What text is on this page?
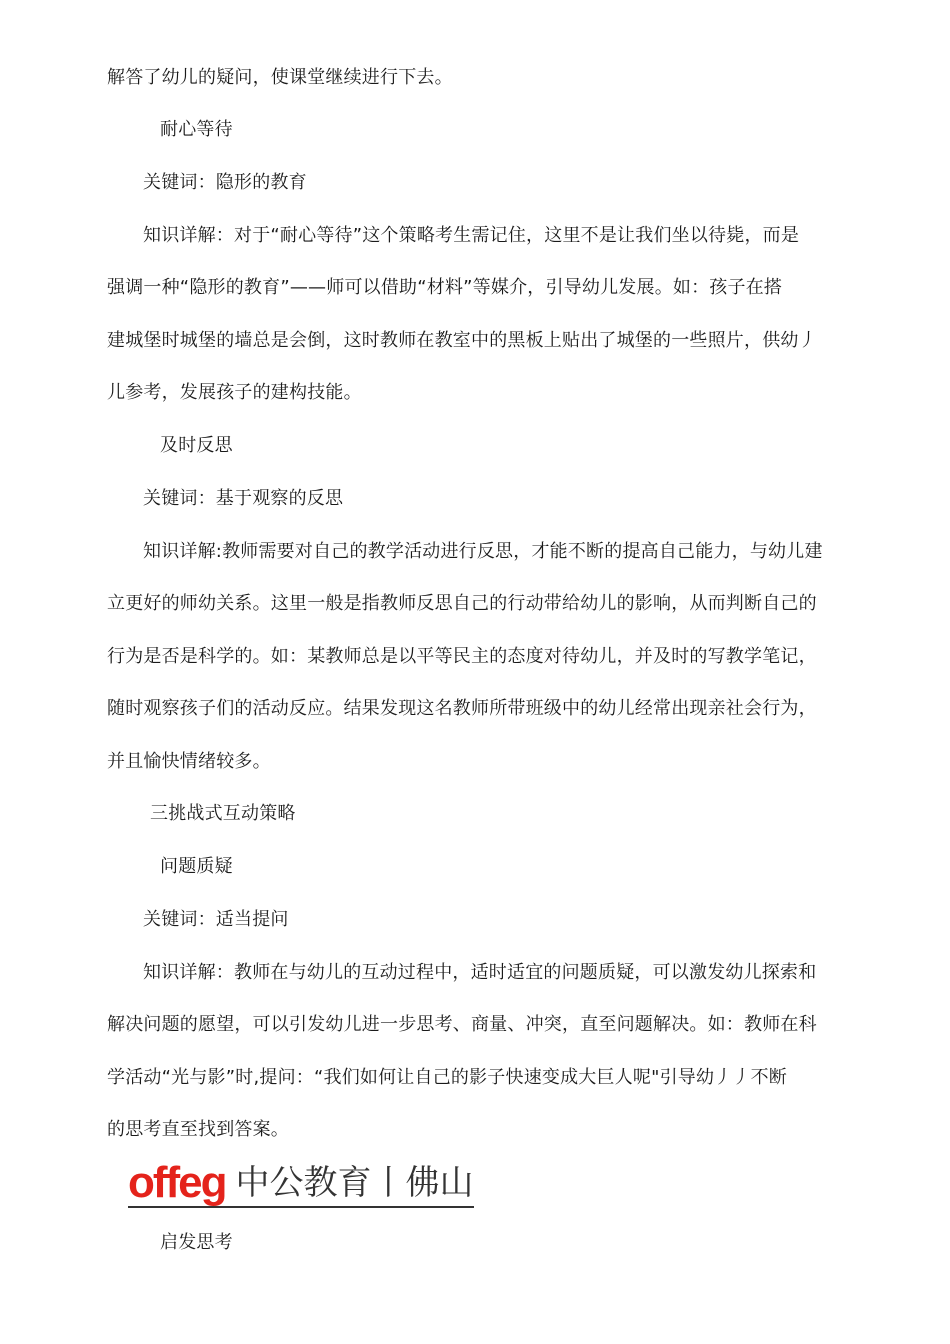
解答了幼儿的疑问，使课堂继续进行下去。
耐心等待
关键词：隐形的教育
知识详解：对于“耐心等待”这个策略考生需记住，这里不是让我们坐以待毙，而是
强调一种“隐形的教育”——师可以借助“材料”等媒介，引导幼儿发展。如：孩子在搭
建城堡时城堡的墙总是会倒，这时教师在教室中的黑板上贴出了城堡的一些照片，供幼丿
儿参考，发展孩子的建构技能。
及时反思
关键词：基于观察的反思
知识详解:教师需要对自己的教学活动进行反思，才能不断的提高自己能力，与幼儿建
立更好的师幼关系。这里一般是指教师反思自己的行动带给幼儿的影响，从而判断自己的
行为是否是科学的。如：某教师总是以平等民主的态度对待幼儿，并及时的写教学笔记，
随时观察孩子们的活动反应。结果发现这名教师所带班级中的幼儿经常出现亲社会行为，
并且愉快情绪较多。
三挑战式互动策略
问题质疑
关键词：适当提问
知识详解：教师在与幼儿的互动过程中，适时适宜的问题质疑，可以激发幼儿探索和
解决问题的愿望，可以引发幼儿进一步思考、商量、冲突，直至问题解决。如：教师在科
学活动“光与影”时,提问：“我们如何让自己的影子快速变成大巨人呢"引导幼丿丿不断
的思考直至找到答案。
offeg 中公教育丨佛山
启发思考
